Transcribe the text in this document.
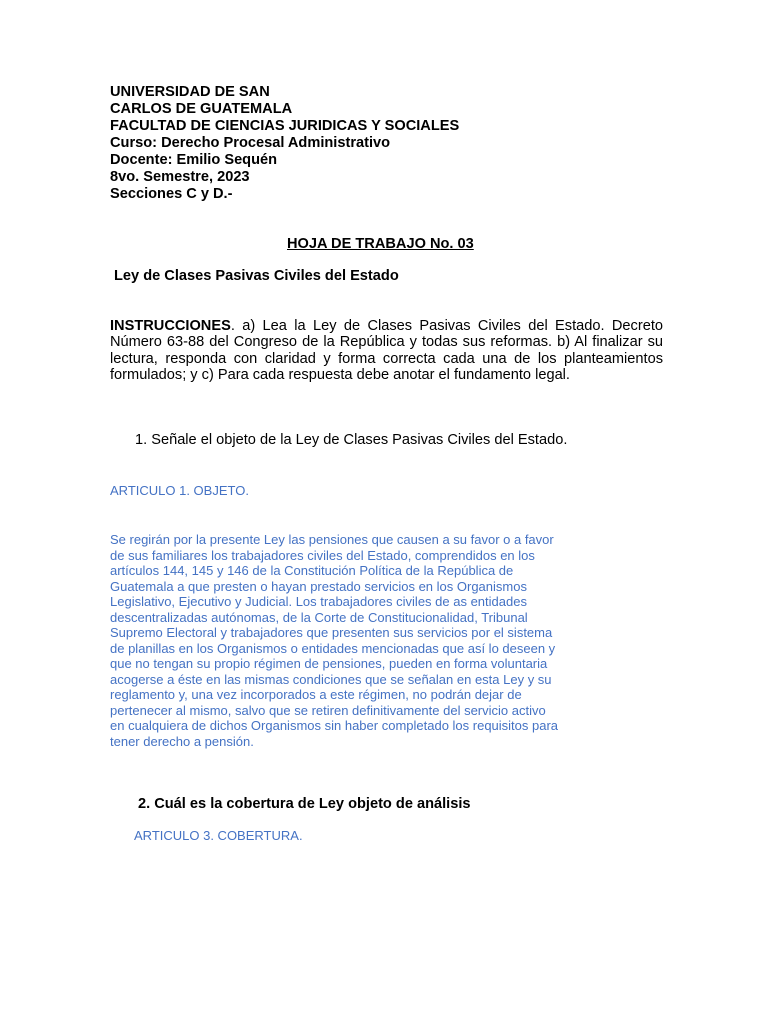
UNIVERSIDAD DE SAN
CARLOS DE GUATEMALA
FACULTAD DE CIENCIAS JURIDICAS Y SOCIALES
Curso: Derecho Procesal Administrativo
Docente: Emilio Sequén
8vo. Semestre, 2023
Secciones C y D.-
HOJA DE TRABAJO No. 03
Ley de Clases Pasivas Civiles del Estado
INSTRUCCIONES. a) Lea la Ley de Clases Pasivas Civiles del Estado. Decreto Número 63-88 del Congreso de la República y todas sus reformas. b) Al finalizar su lectura, responda con claridad y forma correcta cada una de los planteamientos formulados; y c) Para cada respuesta debe anotar el fundamento legal.
1. Señale el objeto de la Ley de Clases Pasivas Civiles del Estado.
ARTICULO 1. OBJETO.
Se regirán por la presente Ley las pensiones que causen a su favor o a favor
de sus familiares los trabajadores civiles del Estado, comprendidos en los
artículos 144, 145 y 146 de la Constitución Política de la República de
Guatemala a que presten o hayan prestado servicios en los Organismos
Legislativo, Ejecutivo y Judicial. Los trabajadores civiles de as entidades
descentralizadas autónomas, de la Corte de Constitucionalidad, Tribunal
Supremo Electoral y trabajadores que presenten sus servicios por el sistema
de planillas en los Organismos o entidades mencionadas que así lo deseen y
que no tengan su propio régimen de pensiones, pueden en forma voluntaria
acogerse a éste en las mismas condiciones que se señalan en esta Ley y su
reglamento y, una vez incorporados a este régimen, no podrán dejar de
pertenecer al mismo, salvo que se retiren definitivamente del servicio activo
en cualquiera de dichos Organismos sin haber completado los requisitos para
tener derecho a pensión.
2. Cuál es la cobertura de Ley objeto de análisis
ARTICULO 3. COBERTURA.
